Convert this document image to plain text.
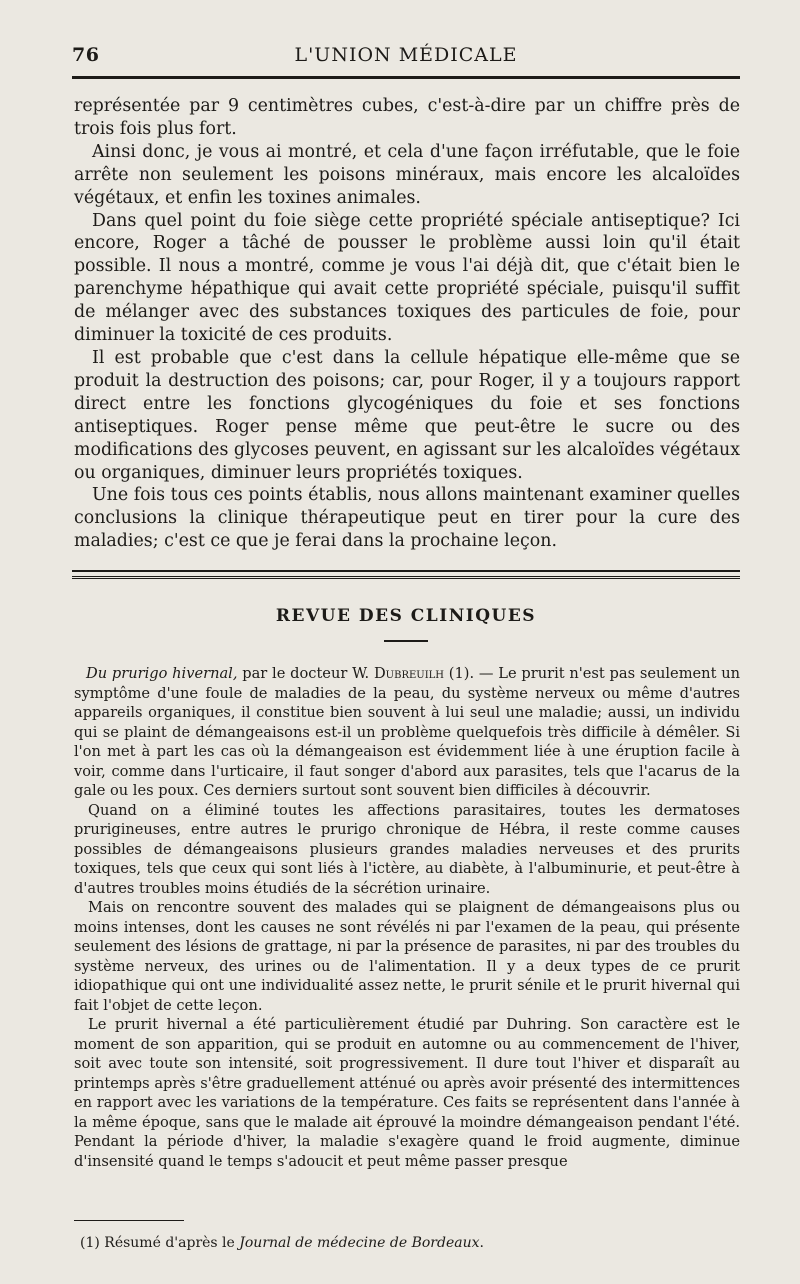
76	L'UNION MÉDICALE

représentée par 9 centimètres cubes, c'est-à-dire par un chiffre près de trois fois plus fort.

Ainsi donc, je vous ai montré, et cela d'une façon irréfutable, que le foie arrête non seulement les poisons minéraux, mais encore les alcaloïdes végétaux, et enfin les toxines animales.

Dans quel point du foie siège cette propriété spéciale antiseptique? Ici encore, Roger a tâché de pousser le problème aussi loin qu'il était possible. Il nous a montré, comme je vous l'ai déjà dit, que c'était bien le parenchyme hépathique qui avait cette propriété spéciale, puisqu'il suffit de mélanger avec des substances toxiques des particules de foie, pour diminuer la toxicité de ces produits.

Il est probable que c'est dans la cellule hépatique elle-même que se produit la destruction des poisons; car, pour Roger, il y a toujours rapport direct entre les fonctions glycogéniques du foie et ses fonctions antiseptiques. Roger pense même que peut-être le sucre ou des modifications des glycoses peuvent, en agissant sur les alcaloïdes végétaux ou organiques, diminuer leurs propriétés toxiques.

Une fois tous ces points établis, nous allons maintenant examiner quelles conclusions la clinique thérapeutique peut en tirer pour la cure des maladies; c'est ce que je ferai dans la prochaine leçon.

REVUE DES CLINIQUES

Du prurigo hivernal, par le docteur W. Dubreuilh (1). — Le prurit n'est pas seulement un symptôme d'une foule de maladies de la peau, du système nerveux ou même d'autres appareils organiques, il constitue bien souvent à lui seul une maladie; aussi, un individu qui se plaint de démangeaisons est-il un problème quelquefois très difficile à démêler. Si l'on met à part les cas où la démangeaison est évidemment liée à une éruption facile à voir, comme dans l'urticaire, il faut songer d'abord aux parasites, tels que l'acarus de la gale ou les poux. Ces derniers surtout sont souvent bien difficiles à découvrir.

Quand on a éliminé toutes les affections parasitaires, toutes les dermatoses prurigineuses, entre autres le prurigo chronique de Hébra, il reste comme causes possibles de démangeaisons plusieurs grandes maladies nerveuses et des prurits toxiques, tels que ceux qui sont liés à l'ictère, au diabète, à l'albuminurie, et peut-être à d'autres troubles moins étudiés de la sécrétion urinaire.

Mais on rencontre souvent des malades qui se plaignent de démangeaisons plus ou moins intenses, dont les causes ne sont révélés ni par l'examen de la peau, qui présente seulement des lésions de grattage, ni par la présence de parasites, ni par des troubles du système nerveux, des urines ou de l'alimentation. Il y a deux types de ce prurit idiopathique qui ont une individualité assez nette, le prurit sénile et le prurit hivernal qui fait l'objet de cette leçon.

Le prurit hivernal a été particulièrement étudié par Duhring. Son caractère est le moment de son apparition, qui se produit en automne ou au commencement de l'hiver, soit avec toute son intensité, soit progressivement. Il dure tout l'hiver et disparaît au printemps après s'être graduellement atténué ou après avoir présenté des intermittences en rapport avec les variations de la température. Ces faits se représentent dans l'année à la même époque, sans que le malade ait éprouvé la moindre démangeaison pendant l'été. Pendant la période d'hiver, la maladie s'exagère quand le froid augmente, diminue d'insensité quand le temps s'adoucit et peut même passer presque

(1) Résumé d'après le Journal de médecine de Bordeaux.
